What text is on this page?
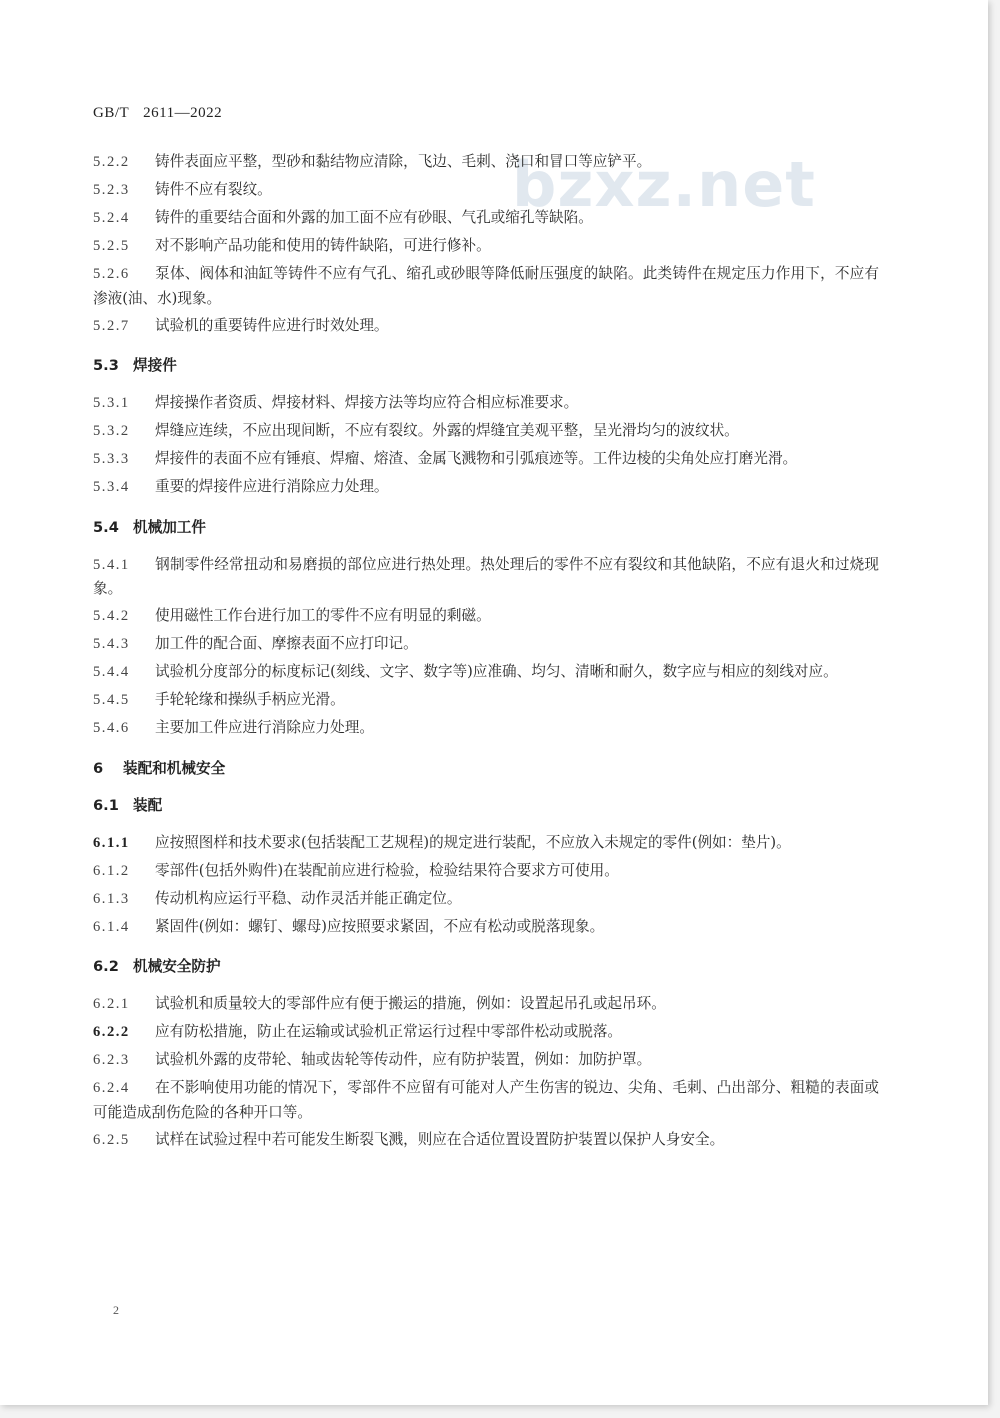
GB/T 2611—2022
bzxz.net
5.2.2 铸件表面应平整，型砂和黏结物应清除，飞边、毛刺、浇口和冒口等应铲平。
5.2.3 铸件不应有裂纹。
5.2.4 铸件的重要结合面和外露的加工面不应有砂眼、气孔或缩孔等缺陷。
5.2.5 对不影响产品功能和使用的铸件缺陷，可进行修补。
5.2.6 泵体、阀体和油缸等铸件不应有气孔、缩孔或砂眼等降低耐压强度的缺陷。此类铸件在规定压力作用下，不应有渗液(油、水)现象。
5.2.7 试验机的重要铸件应进行时效处理。
5.3 焊接件
5.3.1 焊接操作者资质、焊接材料、焊接方法等均应符合相应标准要求。
5.3.2 焊缝应连续，不应出现间断，不应有裂纹。外露的焊缝宜美观平整，呈光滑均匀的波纹状。
5.3.3 焊接件的表面不应有锤痕、焊瘤、熔渣、金属飞溅物和引弧痕迹等。工件边棱的尖角处应打磨光滑。
5.3.4 重要的焊接件应进行消除应力处理。
5.4 机械加工件
5.4.1 钢制零件经常扭动和易磨损的部位应进行热处理。热处理后的零件不应有裂纹和其他缺陷，不应有退火和过烧现象。
5.4.2 使用磁性工作台进行加工的零件不应有明显的剩磁。
5.4.3 加工件的配合面、摩擦表面不应打印记。
5.4.4 试验机分度部分的标度标记(刻线、文字、数字等)应准确、均匀、清晰和耐久，数字应与相应的刻线对应。
5.4.5 手轮轮缘和操纵手柄应光滑。
5.4.6 主要加工件应进行消除应力处理。
6 装配和机械安全
6.1 装配
6.1.1 应按照图样和技术要求(包括装配工艺规程)的规定进行装配，不应放入未规定的零件(例如：垫片)。
6.1.2 零部件(包括外购件)在装配前应进行检验，检验结果符合要求方可使用。
6.1.3 传动机构应运行平稳、动作灵活并能正确定位。
6.1.4 紧固件(例如：螺钉、螺母)应按照要求紧固，不应有松动或脱落现象。
6.2 机械安全防护
6.2.1 试验机和质量较大的零部件应有便于搬运的措施，例如：设置起吊孔或起吊环。
6.2.2 应有防松措施，防止在运输或试验机正常运行过程中零部件松动或脱落。
6.2.3 试验机外露的皮带轮、轴或齿轮等传动件，应有防护装置，例如：加防护罩。
6.2.4 在不影响使用功能的情况下，零部件不应留有可能对人产生伤害的锐边、尖角、毛刺、凸出部分、粗糙的表面或可能造成刮伤危险的各种开口等。
6.2.5 试样在试验过程中若可能发生断裂飞溅，则应在合适位置设置防护装置以保护人身安全。
2
